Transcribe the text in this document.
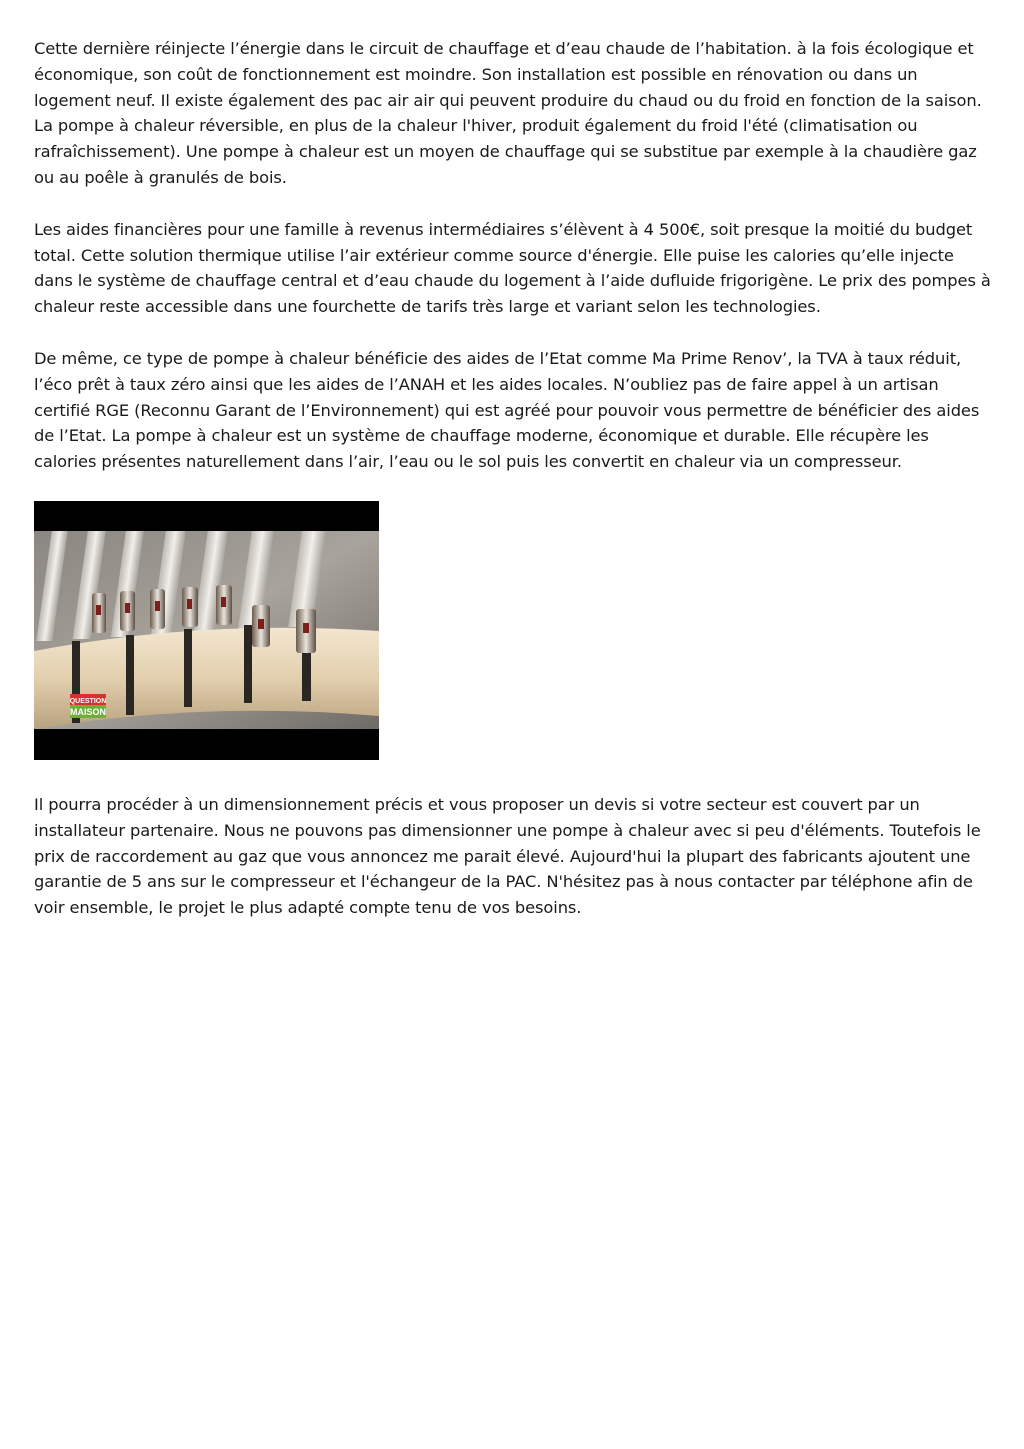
Cette dernière réinjecte l’énergie dans le circuit de chauffage et d’eau chaude de l’habitation. à la fois écologique et économique, son coût de fonctionnement est moindre. Son installation est possible en rénovation ou dans un logement neuf. Il existe également des pac air air qui peuvent produire du chaud ou du froid en fonction de la saison. La pompe à chaleur réversible, en plus de la chaleur l'hiver, produit également du froid l'été (climatisation ou rafraîchissement). Une pompe à chaleur est un moyen de chauffage qui se substitue par exemple à la chaudière gaz ou au poêle à granulés de bois.

Les aides financières pour une famille à revenus intermédiaires s’élèvent à 4 500€, soit presque la moitié du budget total. Cette solution thermique utilise l’air extérieur comme source d'énergie. Elle puise les calories qu’elle injecte dans le système de chauffage central et d’eau chaude du logement à l’aide dufluide frigorigène. Le prix des pompes à chaleur reste accessible dans une fourchette de tarifs très large et variant selon les technologies.

De même, ce type de pompe à chaleur bénéficie des aides de l’Etat comme Ma Prime Renov’, la TVA à taux réduit, l’éco prêt à taux zéro ainsi que les aides de l’ANAH et les aides locales. N’oubliez pas de faire appel à un artisan certifié RGE (Reconnu Garant de l’Environnement) qui est agréé pour pouvoir vous permettre de bénéficier des aides de l’Etat. La pompe à chaleur est un système de chauffage moderne, économique et durable. Elle récupère les calories présentes naturellement dans l’air, l’eau ou le sol puis les convertit en chaleur via un compresseur.

QUESTION
MAISON

Il pourra procéder à un dimensionnement précis et vous proposer un devis si votre secteur est couvert par un installateur partenaire. Nous ne pouvons pas dimensionner une pompe à chaleur avec si peu d'éléments. Toutefois le prix de raccordement au gaz que vous annoncez me parait élevé. Aujourd'hui la plupart des fabricants ajoutent une garantie de 5 ans sur le compresseur et l'échangeur de la PAC. N'hésitez pas à nous contacter par téléphone afin de voir ensemble, le projet le plus adapté compte tenu de vos besoins.
